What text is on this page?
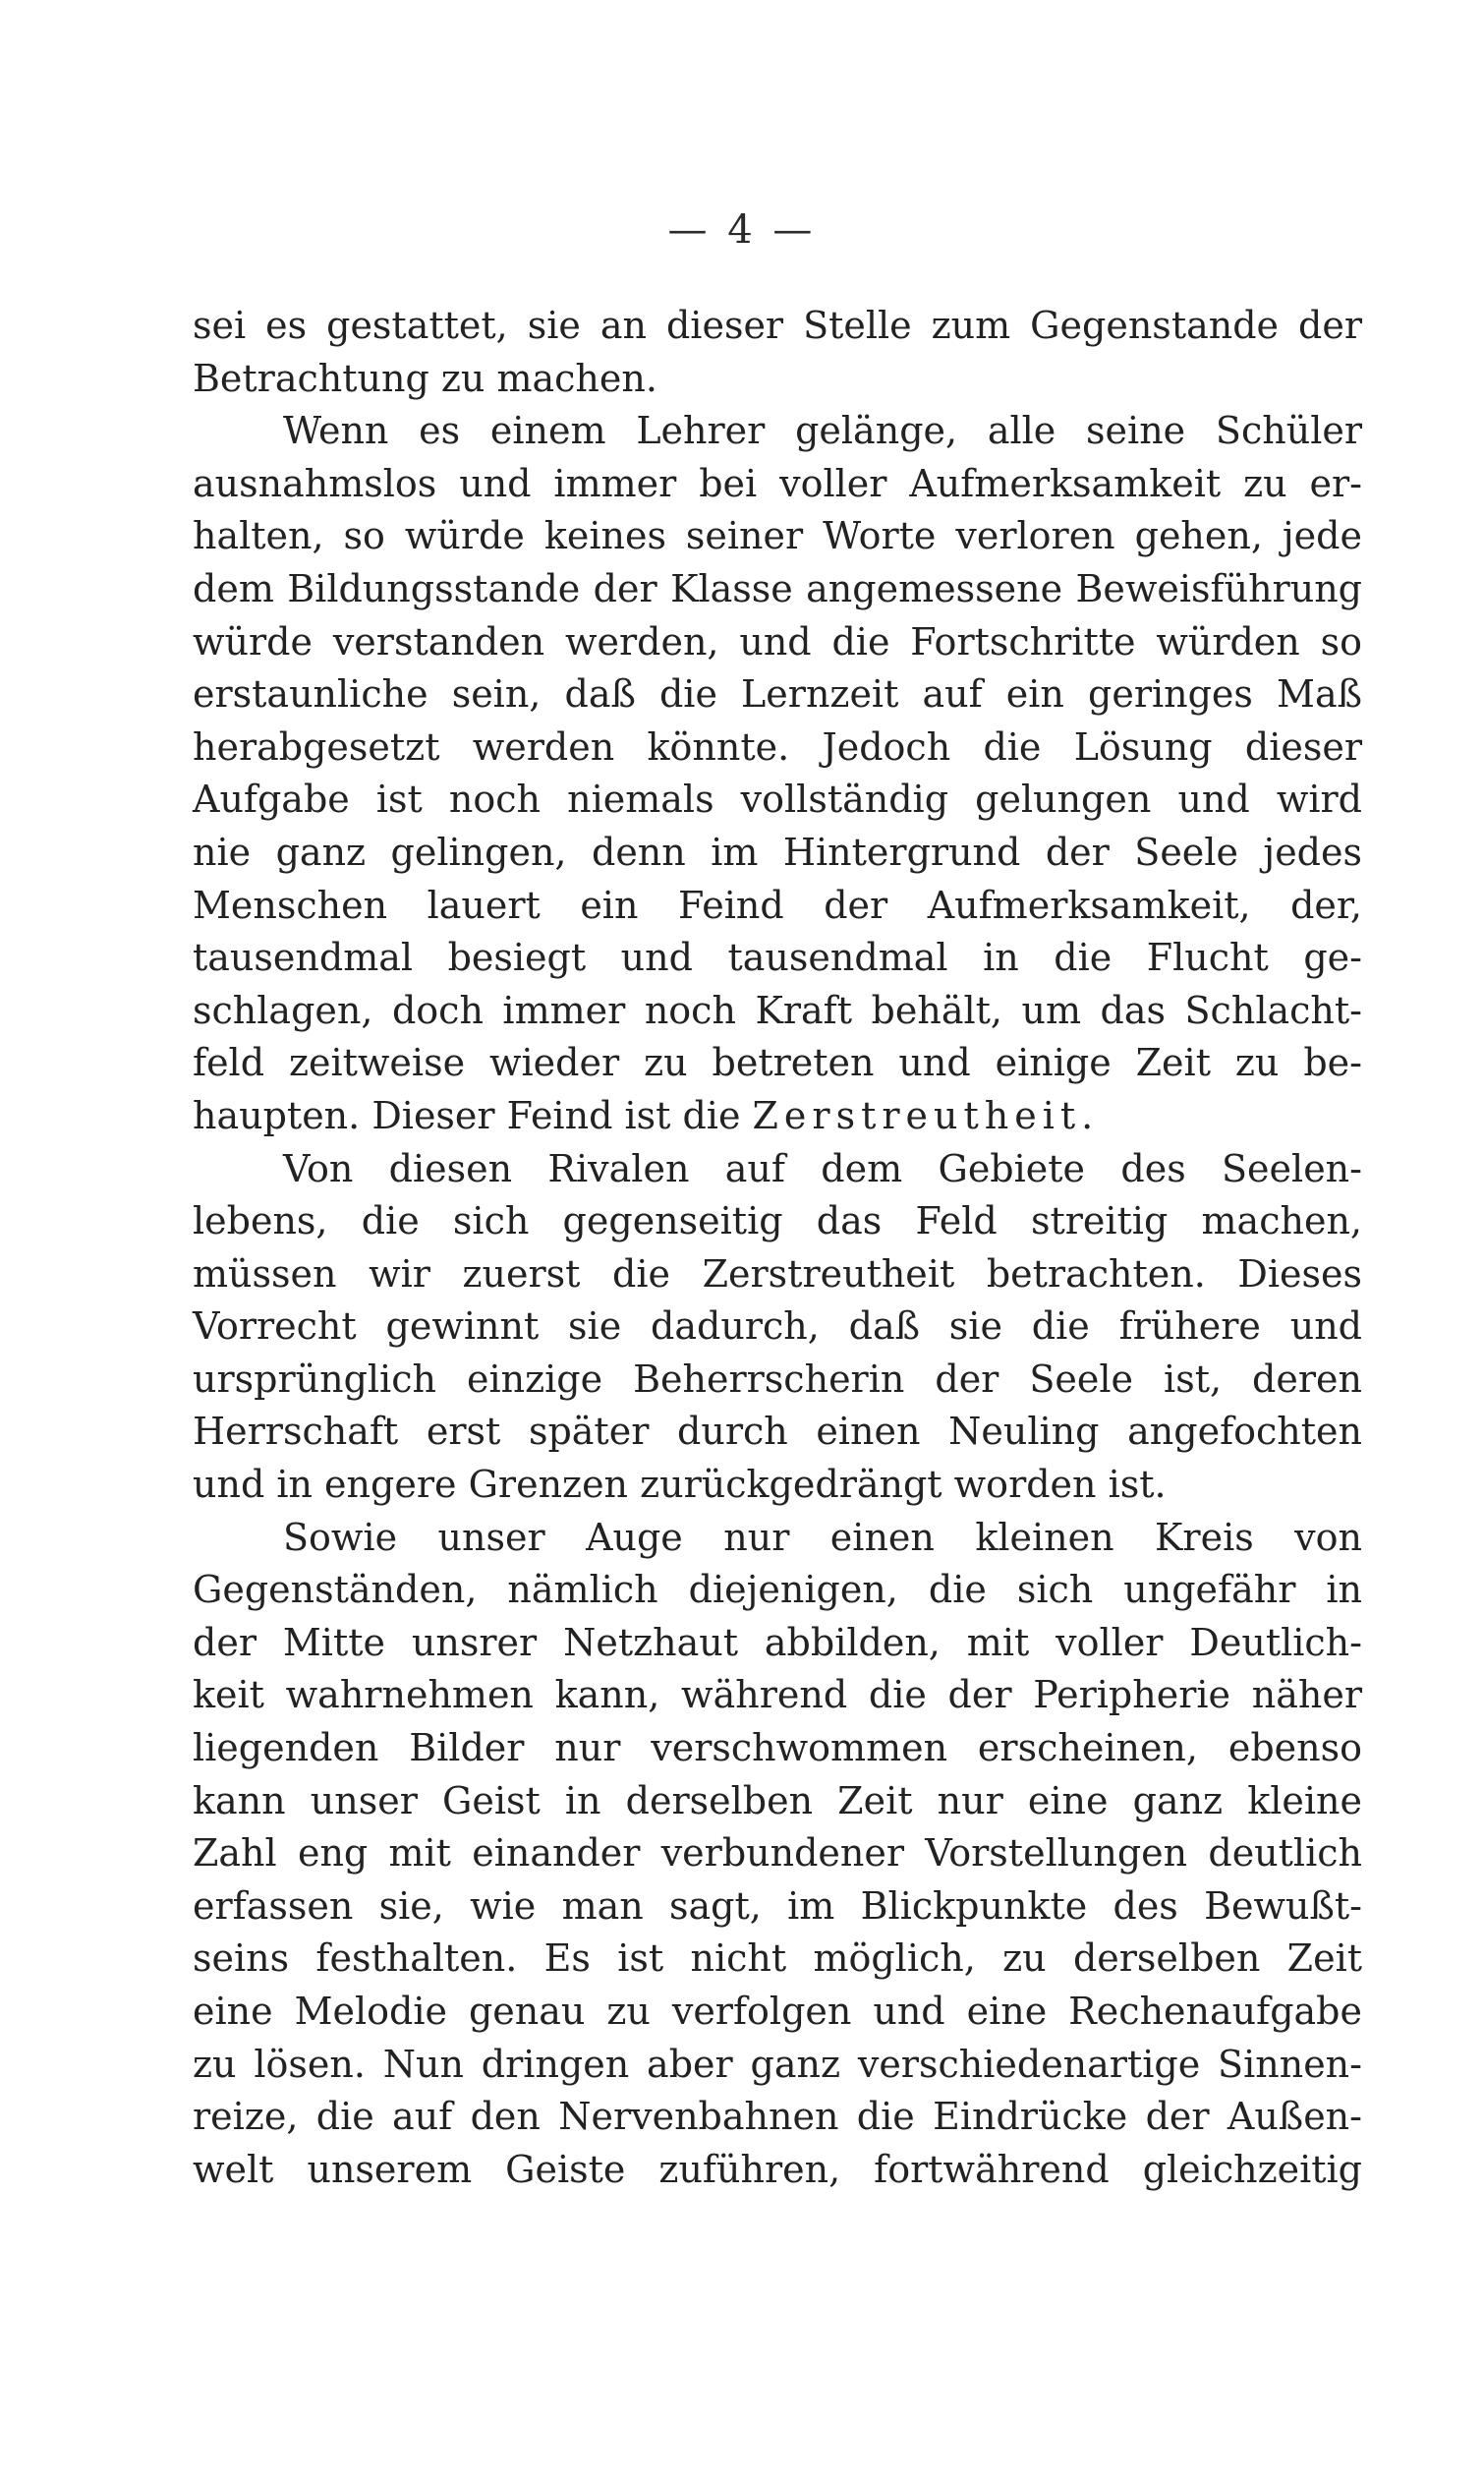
— 4 —
sei es gestattet, sie an dieser Stelle zum Gegenstande der
Betrachtung zu machen.
Wenn es einem Lehrer gelänge, alle seine Schüler
ausnahmslos und immer bei voller Aufmerksamkeit zu er-
halten, so würde keines seiner Worte verloren gehen, jede
dem Bildungsstande der Klasse angemessene Beweisführung
würde verstanden werden, und die Fortschritte würden so
erstaunliche sein, daß die Lernzeit auf ein geringes Maß
herabgesetzt werden könnte. Jedoch die Lösung dieser
Aufgabe ist noch niemals vollständig gelungen und wird
nie ganz gelingen, denn im Hintergrund der Seele jedes
Menschen lauert ein Feind der Aufmerksamkeit, der,
tausendmal besiegt und tausendmal in die Flucht ge-
schlagen, doch immer noch Kraft behält, um das Schlacht-
feld zeitweise wieder zu betreten und einige Zeit zu be-
haupten. Dieser Feind ist die Zerstreutheit.
Von diesen Rivalen auf dem Gebiete des Seelen-
lebens, die sich gegenseitig das Feld streitig machen,
müssen wir zuerst die Zerstreutheit betrachten. Dieses
Vorrecht gewinnt sie dadurch, daß sie die frühere und
ursprünglich einzige Beherrscherin der Seele ist, deren
Herrschaft erst später durch einen Neuling angefochten
und in engere Grenzen zurückgedrängt worden ist.
Sowie unser Auge nur einen kleinen Kreis von
Gegenständen, nämlich diejenigen, die sich ungefähr in
der Mitte unsrer Netzhaut abbilden, mit voller Deutlich-
keit wahrnehmen kann, während die der Peripherie näher
liegenden Bilder nur verschwommen erscheinen, ebenso
kann unser Geist in derselben Zeit nur eine ganz kleine
Zahl eng mit einander verbundener Vorstellungen deutlich
erfassen sie, wie man sagt, im Blickpunkte des Bewußt-
seins festhalten. Es ist nicht möglich, zu derselben Zeit
eine Melodie genau zu verfolgen und eine Rechenaufgabe
zu lösen. Nun dringen aber ganz verschiedenartige Sinnen-
reize, die auf den Nervenbahnen die Eindrücke der Außen-
welt unserem Geiste zuführen, fortwährend gleichzeitig
